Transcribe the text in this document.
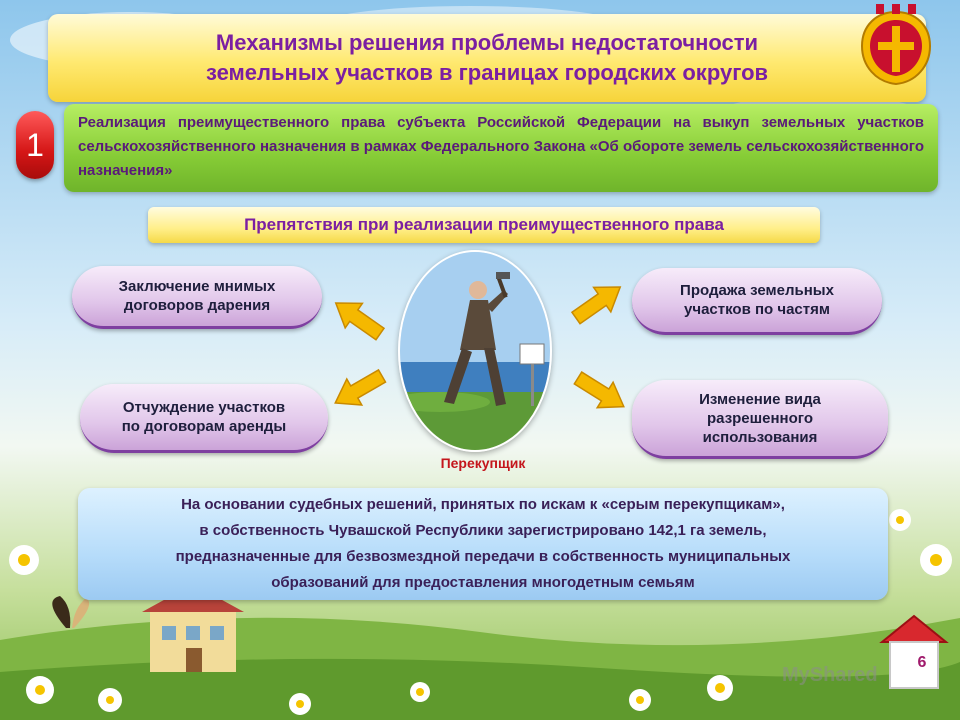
Механизмы решения проблемы недостаточности
земельных участков в границах городских округов
1

Реализация преимущественного права субъекта Российской Федерации на выкуп земельных участков сельскохозяйственного назначения в рамках Федерального Закона «Об обороте земель сельскохозяйственного назначения»

Препятствия при реализации преимущественного права
Заключение мнимых
договоров дарения
Отчуждение участков
по договорам аренды
Продажа земельных
участков по частям
Изменение вида
разрешенного
использования
Перекупщик
На основании судебных решений, принятых по искам к «серым перекупщикам»,
в собственность Чувашской Республики зарегистрировано 142,1 га земель,
предназначенные для безвозмездной передачи в собственность муниципальных
образований для предоставления многодетным семьям
MyShared
6
